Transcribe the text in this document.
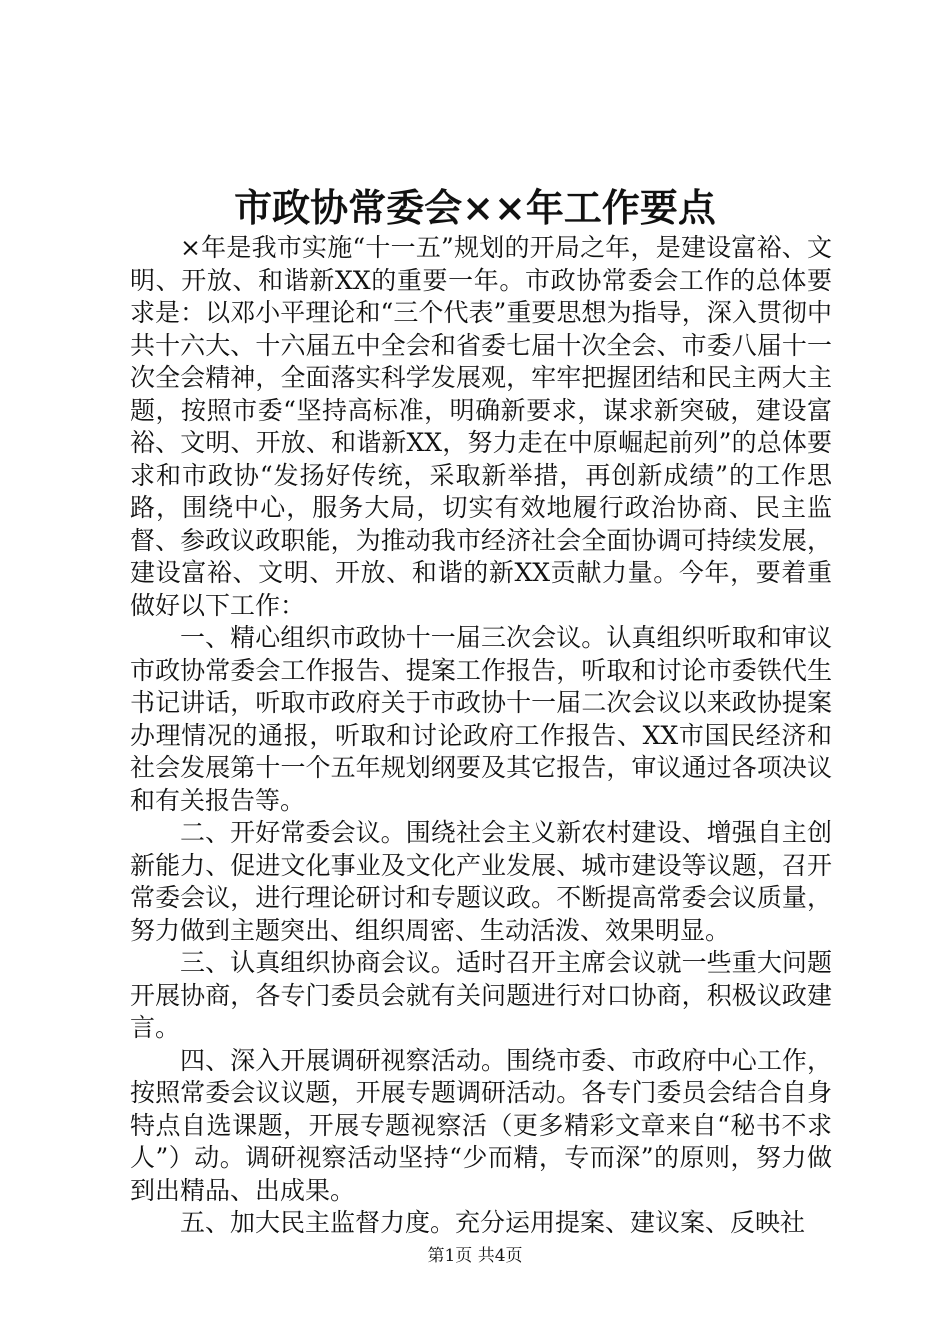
市政协常委会××年工作要点

×年是我市实施“十一五”规划的开局之年，是建设富裕、文明、开放、和谐新XX的重要一年。市政协常委会工作的总体要求是：以邓小平理论和“三个代表”重要思想为指导，深入贯彻中共十六大、十六届五中全会和省委七届十次全会、市委八届十一次全会精神，全面落实科学发展观，牢牢把握团结和民主两大主题，按照市委“坚持高标准，明确新要求，谋求新突破，建设富裕、文明、开放、和谐新XX，努力走在中原崛起前列”的总体要求和市政协“发扬好传统，采取新举措，再创新成绩”的工作思路，围绕中心，服务大局，切实有效地履行政治协商、民主监督、参政议政职能，为推动我市经济社会全面协调可持续发展，建设富裕、文明、开放、和谐的新XX贡献力量。今年，要着重做好以下工作：

一、精心组织市政协十一届三次会议。认真组织听取和审议市政协常委会工作报告、提案工作报告，听取和讨论市委铁代生书记讲话，听取市政府关于市政协十一届二次会议以来政协提案办理情况的通报，听取和讨论政府工作报告、XX市国民经济和社会发展第十一个五年规划纲要及其它报告，审议通过各项决议和有关报告等。

二、开好常委会议。围绕社会主义新农村建设、增强自主创新能力、促进文化事业及文化产业发展、城市建设等议题，召开常委会议，进行理论研讨和专题议政。不断提高常委会议质量，努力做到主题突出、组织周密、生动活泼、效果明显。

三、认真组织协商会议。适时召开主席会议就一些重大问题开展协商，各专门委员会就有关问题进行对口协商，积极议政建言。

四、深入开展调研视察活动。围绕市委、市政府中心工作，按照常委会议议题，开展专题调研活动。各专门委员会结合自身特点自选课题，开展专题视察活（更多精彩文章来自“秘书不求人”）动。调研视察活动坚持“少而精，专而深”的原则，努力做到出精品、出成果。

五、加大民主监督力度。充分运用提案、建议案、反映社

第1页 共4页
